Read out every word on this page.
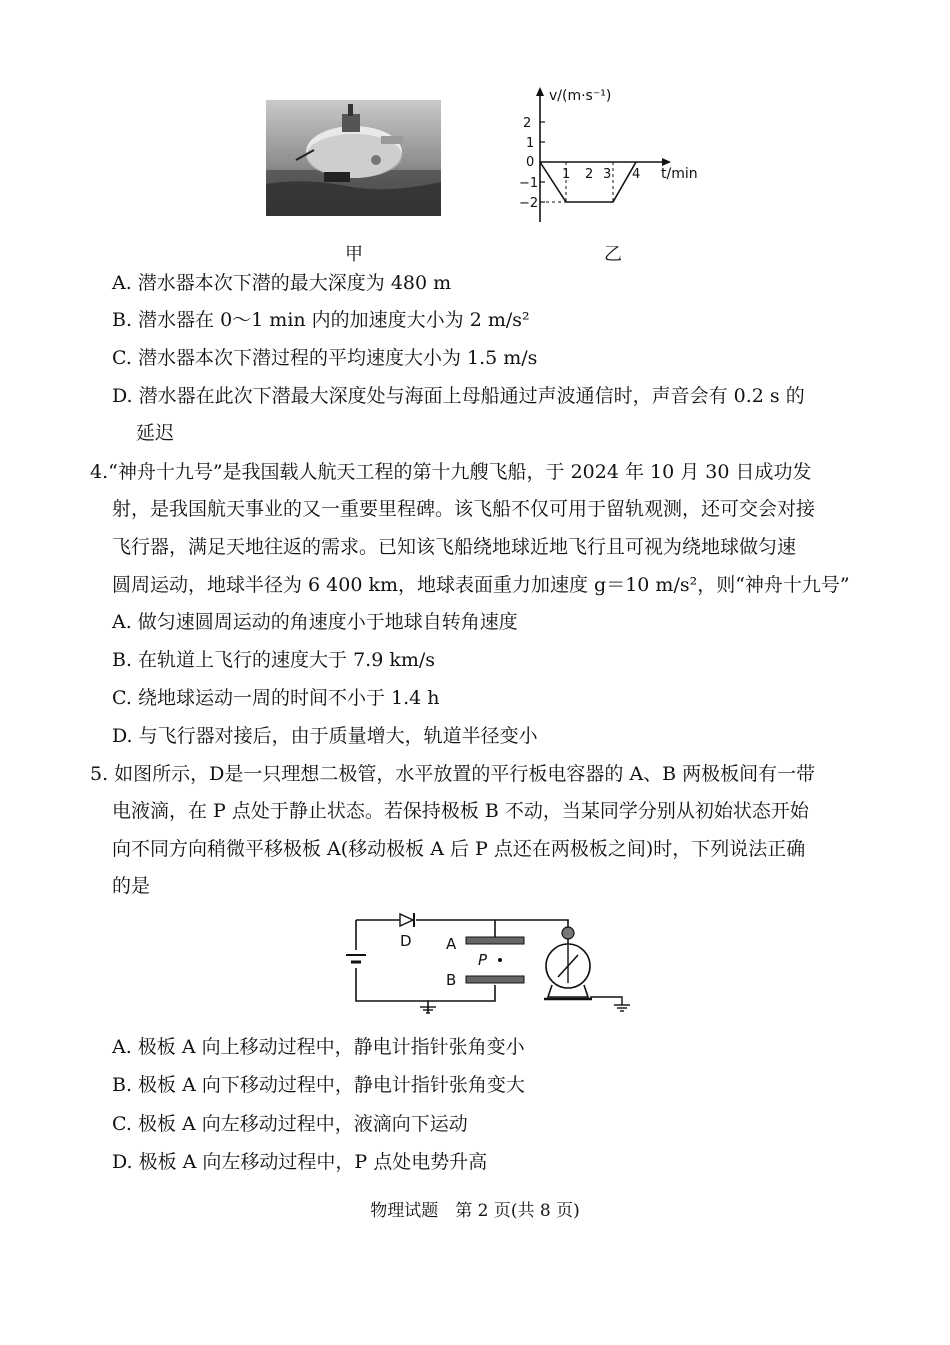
甲
v/(m·s⁻¹)
t/min
2
1
0
−1
−2
1 2 3 4
乙
A. 潜水器本次下潜的最大深度为 480 m
B. 潜水器在 0～1 min 内的加速度大小为 2 m/s²
C. 潜水器本次下潜过程的平均速度大小为 1.5 m/s
D. 潜水器在此次下潜最大深度处与海面上母船通过声波通信时，声音会有 0.2 s 的
延迟
4.“神舟十九号”是我国载人航天工程的第十九艘飞船，于 2024 年 10 月 30 日成功发
射，是我国航天事业的又一重要里程碑。该飞船不仅可用于留轨观测，还可交会对接
飞行器，满足天地往返的需求。已知该飞船绕地球近地飞行且可视为绕地球做匀速
圆周运动，地球半径为 6 400 km，地球表面重力加速度 g＝10 m/s²，则“神舟十九号”
A. 做匀速圆周运动的角速度小于地球自转角速度
B. 在轨道上飞行的速度大于 7.9 km/s
C. 绕地球运动一周的时间不小于 1.4 h
D. 与飞行器对接后，由于质量增大，轨道半径变小
5. 如图所示，D是一只理想二极管，水平放置的平行板电容器的 A、B 两极板间有一带
电液滴，在 P 点处于静止状态。若保持极板 B 不动，当某同学分别从初始状态开始
向不同方向稍微平移极板 A(移动极板 A 后 P 点还在两极板之间)时，下列说法正确
的是
D A
B
P
A. 极板 A 向上移动过程中，静电计指针张角变小
B. 极板 A 向下移动过程中，静电计指针张角变大
C. 极板 A 向左移动过程中，液滴向下运动
D. 极板 A 向左移动过程中，P 点处电势升高
物理试题　第 2 页(共 8 页)
